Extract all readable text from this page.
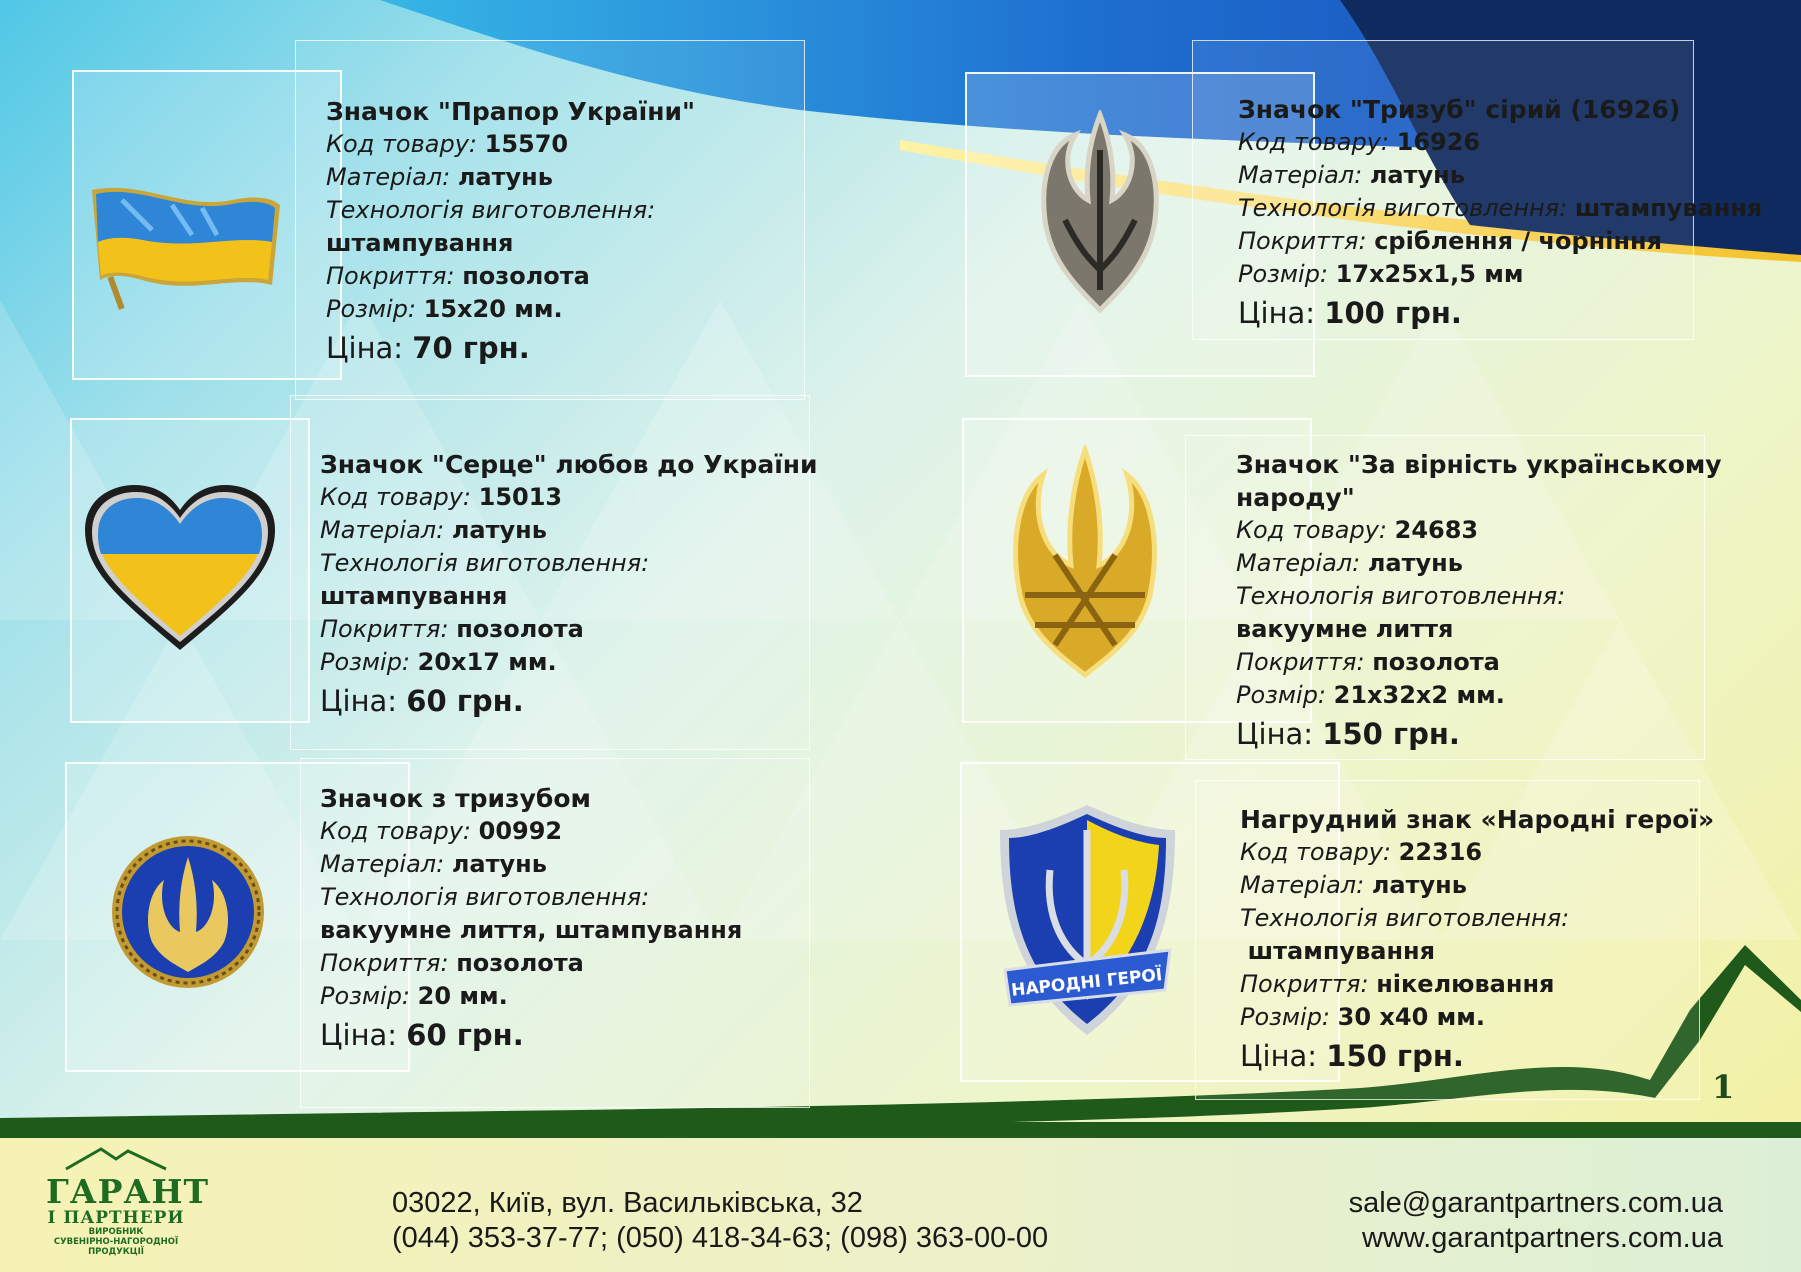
НАРОДНІ ГЕРОЇ
Значок "Прапор України"
Код товару: 15570
Матеріал: латунь
Технологія виготовлення:
штампування
Покриття: позолота
Розмір: 15х20 мм.
Ціна: 70 грн.
Значок "Тризуб" сірий (16926)
Код товару: 16926
Матеріал: латунь
Технологія виготовлення: штампування
Покриття: сріблення / чорніння
Розмір: 17х25х1,5 мм
Ціна: 100 грн.
Значок "Серце" любов до України
Код товару: 15013
Матеріал: латунь
Технологія виготовлення:
штампування
Покриття: позолота
Розмір: 20х17 мм.
Ціна: 60 грн.
Значок "За вірність українському
народу"
Код товару: 24683
Матеріал: латунь
Технологія виготовлення:
вакуумне лиття
Покриття: позолота
Розмір: 21х32х2 мм.
Ціна: 150 грн.
Значок з тризубом
Код товару: 00992
Матеріал: латунь
Технологія виготовлення:
вакуумне лиття, штампування
Покриття: позолота
Розмір: 20 мм.
Ціна: 60 грн.
Нагрудний знак «Народні герої»
Код товару: 22316
Матеріал: латунь
Технологія виготовлення:
штампування
Покриття: нікелювання
Розмір: 30 х40 мм.
Ціна: 150 грн.
1
ГАРАНТ
І ПАРТНЕРИ
ВИРОБНИК
СУВЕНІРНО-НАГОРОДНОЇ
ПРОДУКЦІЇ
03022, Київ, вул. Васильківська, 32
(044) 353-37-77; (050) 418-34-63; (098) 363-00-00
sale@garantpartners.com.ua
www.garantpartners.com.ua
